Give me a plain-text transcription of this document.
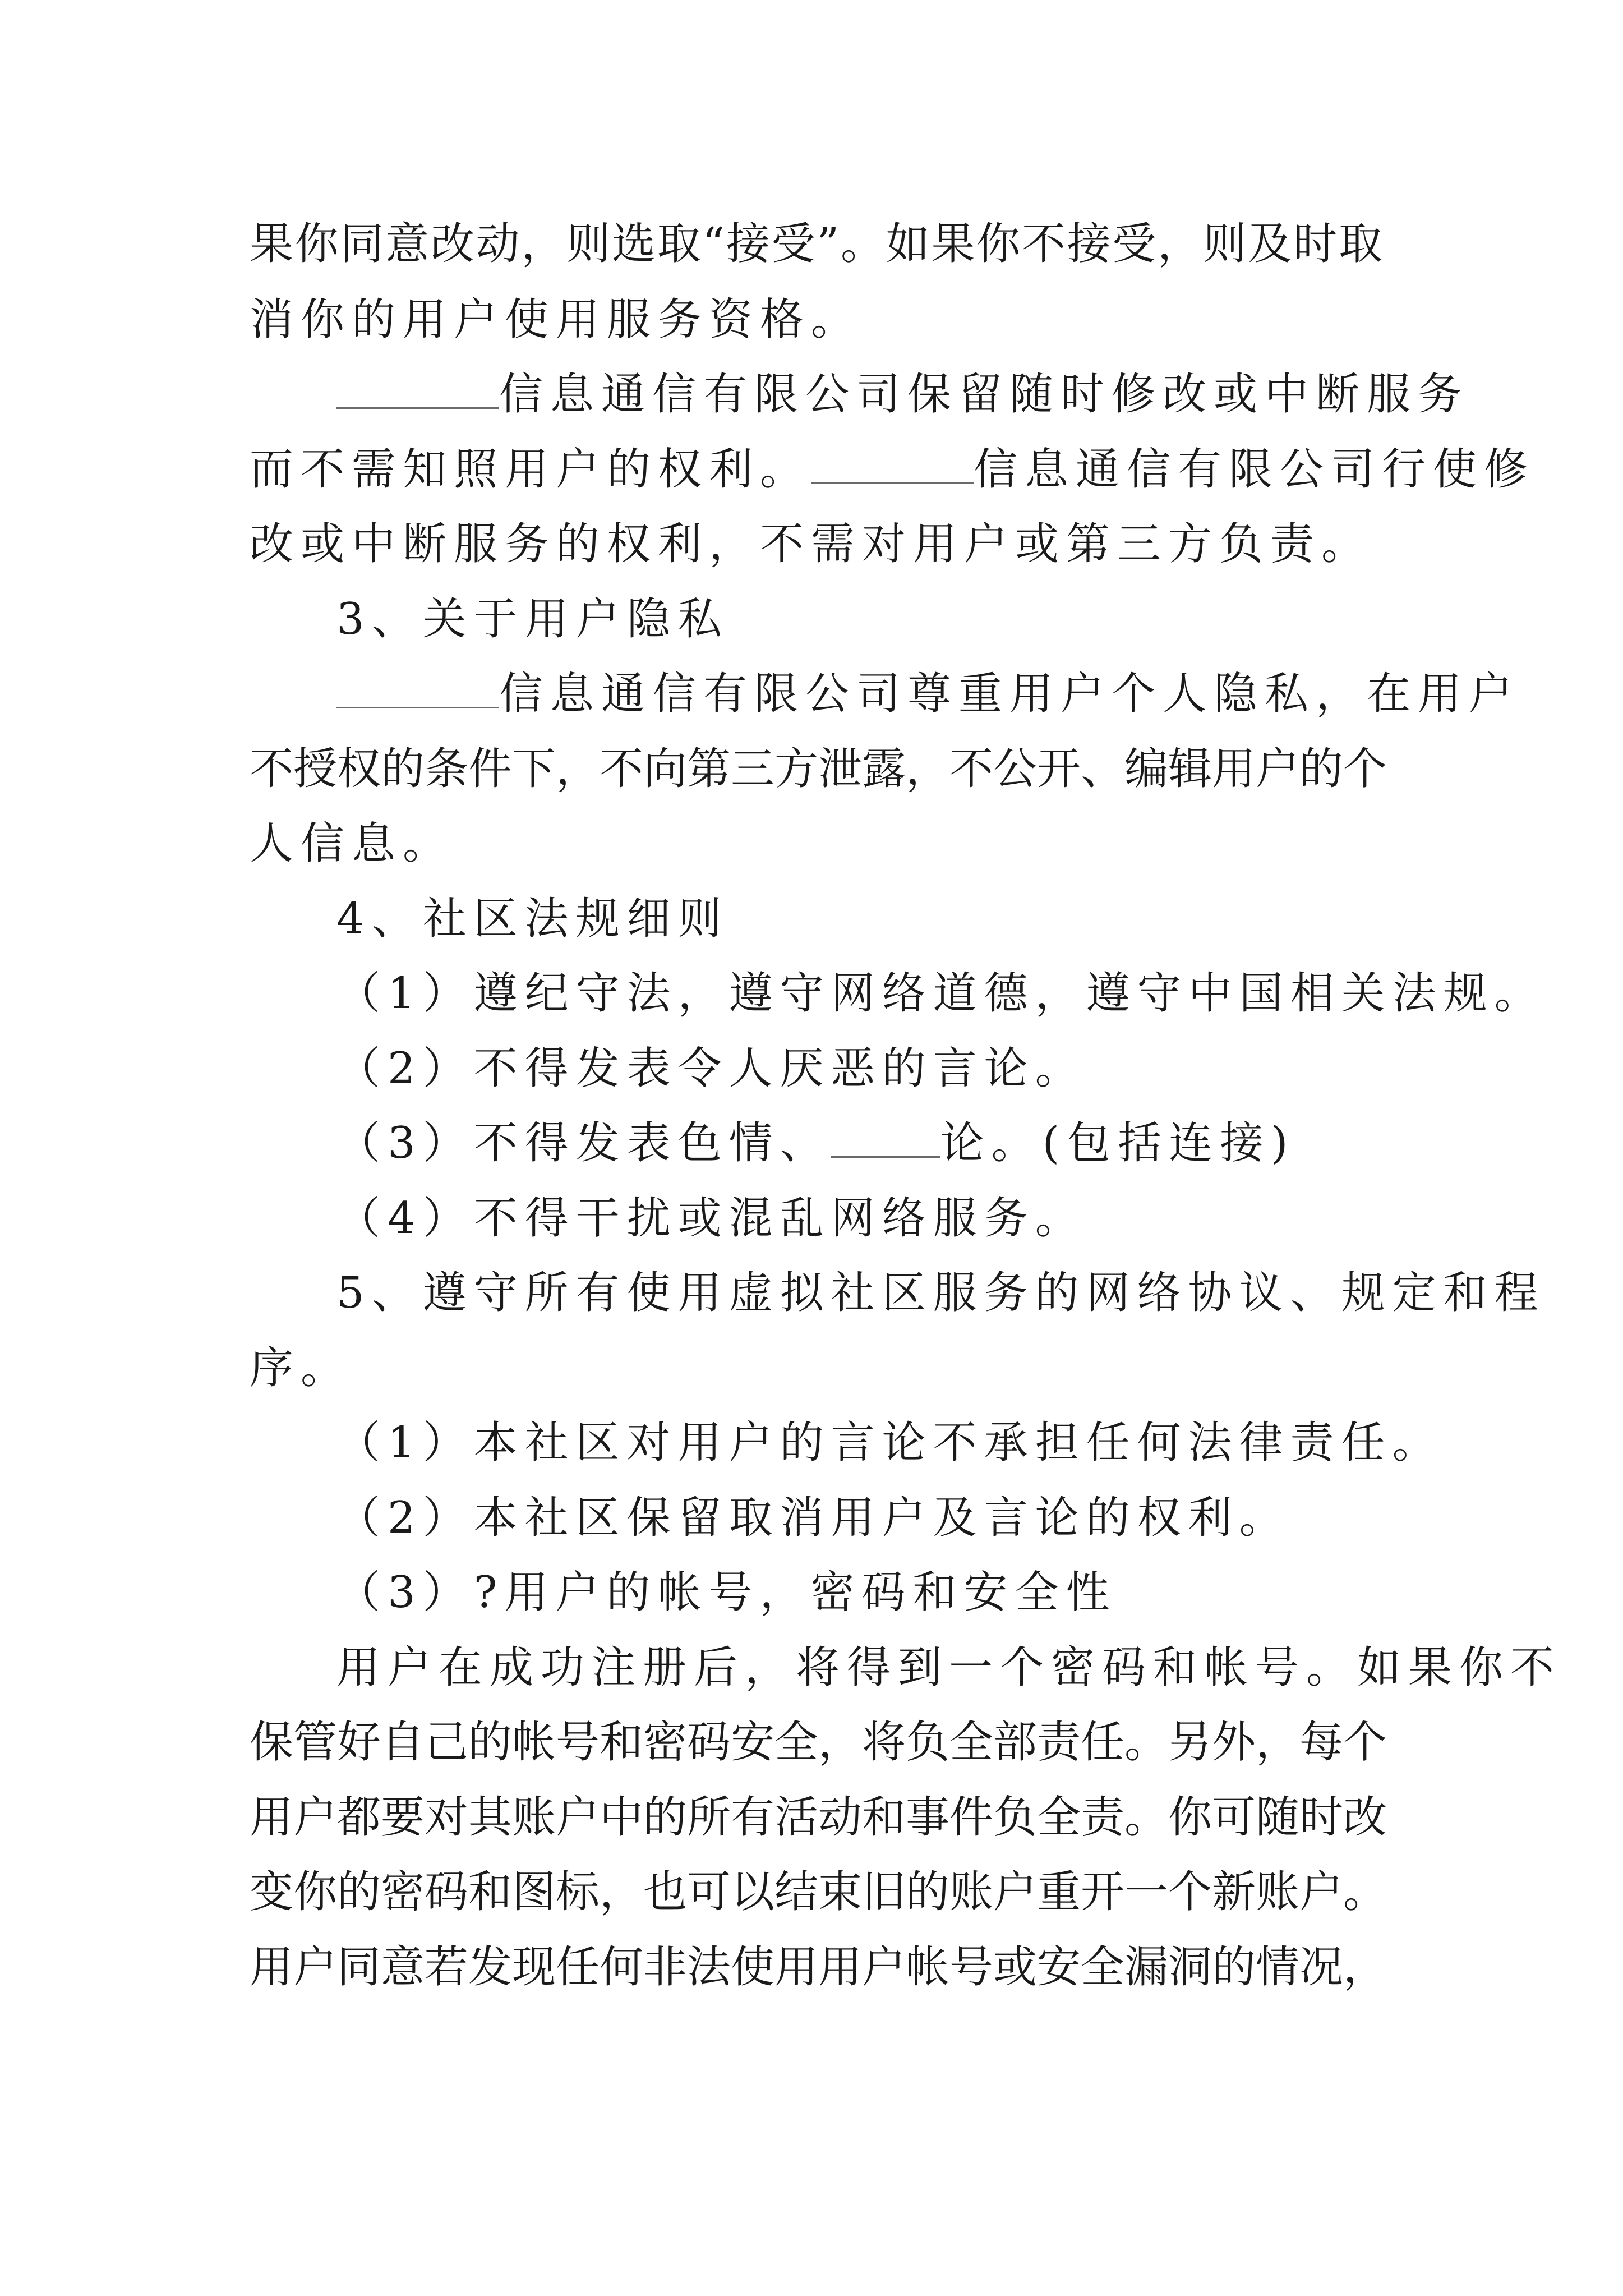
果你同意改动，则选取“接受”。如果你不接受，则及时取
消你的用户使用服务资格。
信息通信有限公司保留随时修改或中断服务
而不需知照用户的权利。	信息通信有限公司行使修
改或中断服务的权利，不需对用户或第三方负责。
3、关于用户隐私
信息通信有限公司尊重用户个人隐私，在用户
不授权的条件下，不向第三方泄露，不公开、编辑用户的个
人信息。
4、社区法规细则
（1）遵纪守法，遵守网络道德，遵守中国相关法规。
（2）不得发表令人厌恶的言论。
（3）不得发表色情、	论。(包括连接)
（4）不得干扰或混乱网络服务。
5、遵守所有使用虚拟社区服务的网络协议、规定和程
序。
（1）本社区对用户的言论不承担任何法律责任。
（2）本社区保留取消用户及言论的权利。
（3）?用户的帐号，密码和安全性
用户在成功注册后，将得到一个密码和帐号。如果你不
保管好自己的帐号和密码安全，将负全部责任。另外，每个
用户都要对其账户中的所有活动和事件负全责。你可随时改
变你的密码和图标，也可以结束旧的账户重开一个新账户。
用户同意若发现任何非法使用用户帐号或安全漏洞的情况，
